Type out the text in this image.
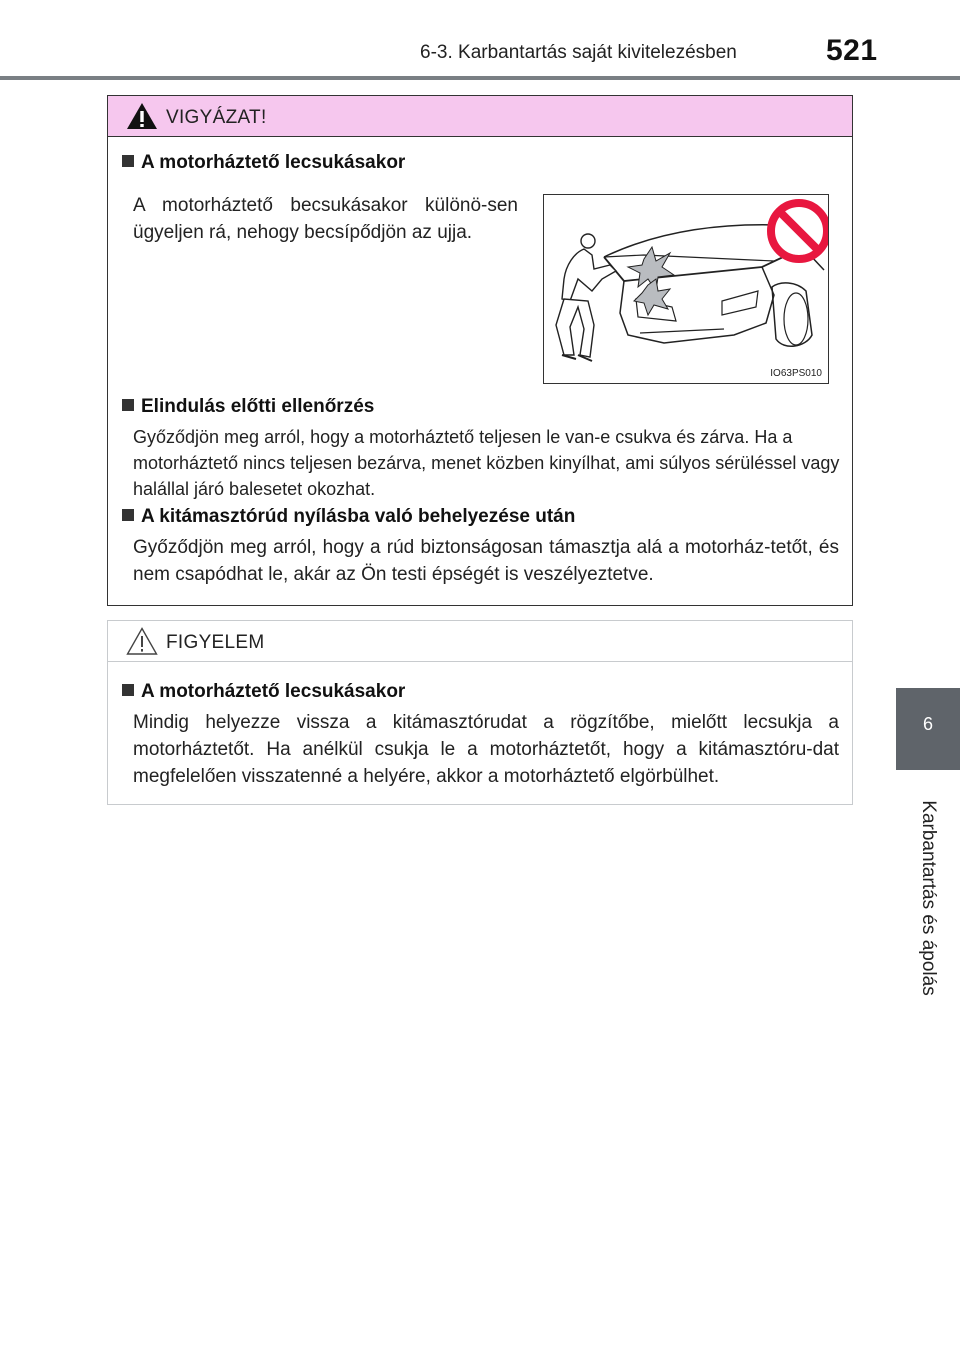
6-3. Karbantartás saját kivitelezésben	521
6
Karbantartás és ápolás
VIGYÁZAT!
A motorháztető lecsukásakor
A motorháztető becsukásakor különö-sen ügyeljen rá, nehogy becsípődjön az ujja.
IO63PS010
Elindulás előtti ellenőrzés
Győződjön meg arról, hogy a motorháztető teljesen le van-e csukva és zárva. Ha a motorháztető nincs teljesen bezárva, menet közben kinyílhat, ami súlyos sérüléssel vagy halállal járó balesetet okozhat.
A kitámasztórúd nyílásba való behelyezése után
Győződjön meg arról, hogy a rúd biztonságosan támasztja alá a motorház-tetőt, és nem csapódhat le, akár az Ön testi épségét is veszélyeztetve.
FIGYELEM
A motorháztető lecsukásakor
Mindig helyezze vissza a kitámasztórudat a rögzítőbe, mielőtt lecsukja a motorháztetőt. Ha anélkül csukja le a motorháztetőt, hogy a kitámasztóru-dat megfelelően visszatenné a helyére, akkor a motorháztető elgörbülhet.
